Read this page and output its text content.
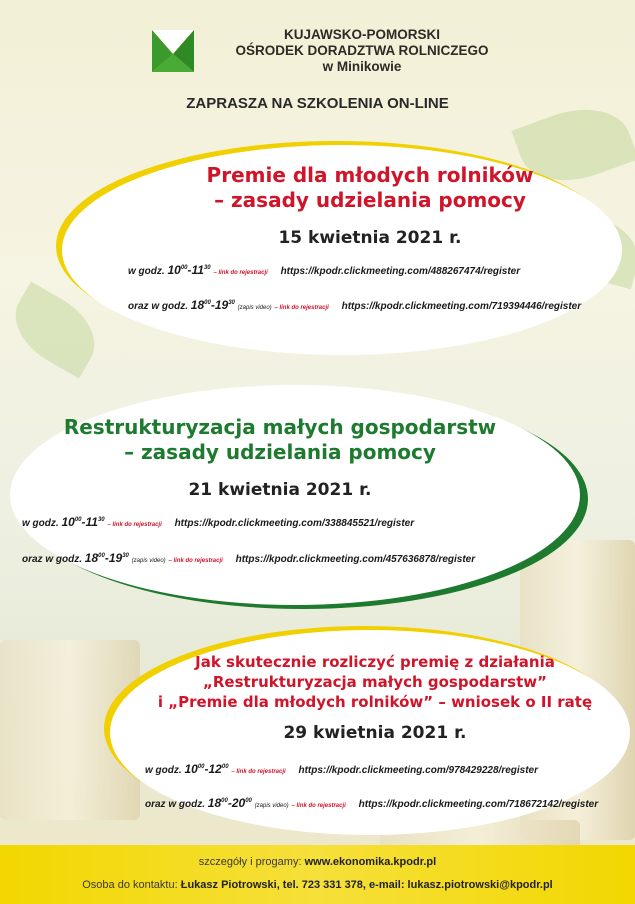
KUJAWSKO-POMORSKI
OŚRODEK DORADZTWA ROLNICZEGO
w Minikowie
ZAPRASZA NA SZKOLENIA ON-LINE
Premie dla młodych rolników
– zasady udzielania pomocy
15 kwietnia 2021 r.
w godz. $10^{00}-11^{30}$ – link do rejestracji https://kpodr.clickmeeting.com/488267474/register
oraz w godz. $18^{00}-19^{30}$ (zapis video) – link do rejestracji https://kpodr.clickmeeting.com/719394446/register
Restrukturyzacja małych gospodarstw
– zasady udzielania pomocy
21 kwietnia 2021 r.
w godz. $10^{00}-11^{30}$ – link do rejestracji https://kpodr.clickmeeting.com/338845521/register
oraz w godz. $18^{00}-19^{30}$ (zapis video) – link do rejestracji https://kpodr.clickmeeting.com/457636878/register
Jak skutecznie rozliczyć premię z działania
„Restrukturyzacja małych gospodarstw”
i „Premie dla młodych rolników” – wniosek o II ratę
29 kwietnia 2021 r.
w godz. $10^{00}-12^{00}$ – link do rejestracji https://kpodr.clickmeeting.com/978429228/register
oraz w godz. $18^{00}-20^{00}$ (zapis video) – link do rejestracji https://kpodr.clickmeeting.com/718672142/register
szczegóły i progamy: www.ekonomika.kpodr.pl
Osoba do kontaktu: Łukasz Piotrowski, tel. 723 331 378, e-mail: lukasz.piotrowski@kpodr.pl
